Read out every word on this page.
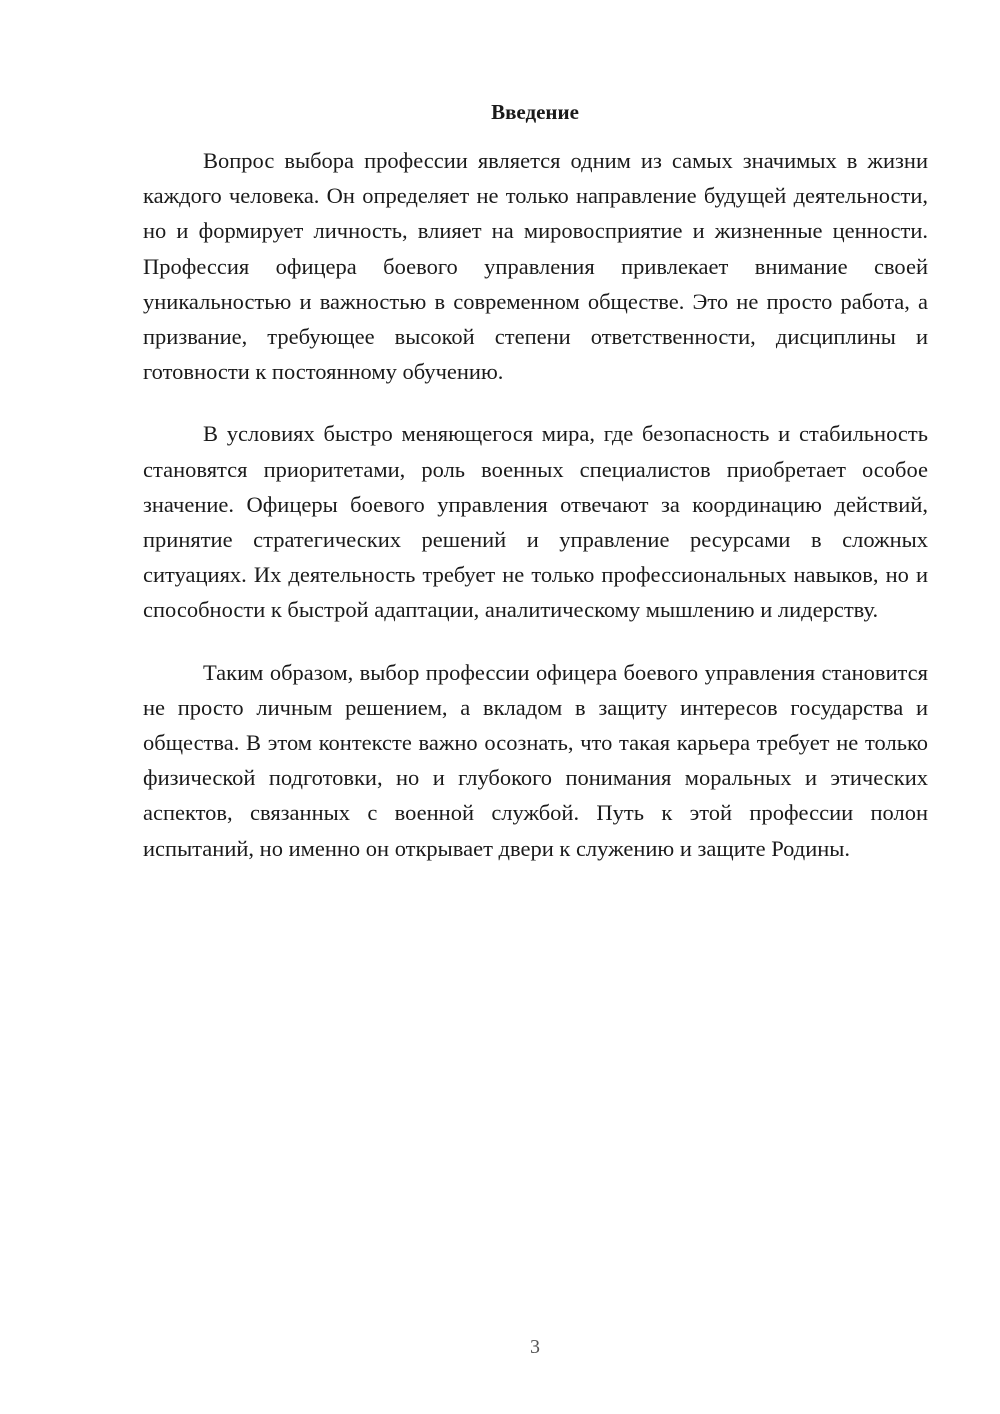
Введение

Вопрос выбора профессии является одним из самых значимых в жизни каждого человека. Он определяет не только направление будущей деятельности, но и формирует личность, влияет на мировосприятие и жизненные ценности. Профессия офицера боевого управления привлекает внимание своей уникальностью и важностью в современном обществе. Это не просто работа, а призвание, требующее высокой степени ответственности, дисциплины и готовности к постоянному обучению.

В условиях быстро меняющегося мира, где безопасность и стабильность становятся приоритетами, роль военных специалистов приобретает особое значение. Офицеры боевого управления отвечают за координацию действий, принятие стратегических решений и управление ресурсами в сложных ситуациях. Их деятельность требует не только профессиональных навыков, но и способности к быстрой адаптации, аналитическому мышлению и лидерству.

Таким образом, выбор профессии офицера боевого управления становится не просто личным решением, а вкладом в защиту интересов государства и общества. В этом контексте важно осознать, что такая карьера требует не только физической подготовки, но и глубокого понимания моральных и этических аспектов, связанных с военной службой. Путь к этой профессии полон испытаний, но именно он открывает двери к служению и защите Родины.

3
